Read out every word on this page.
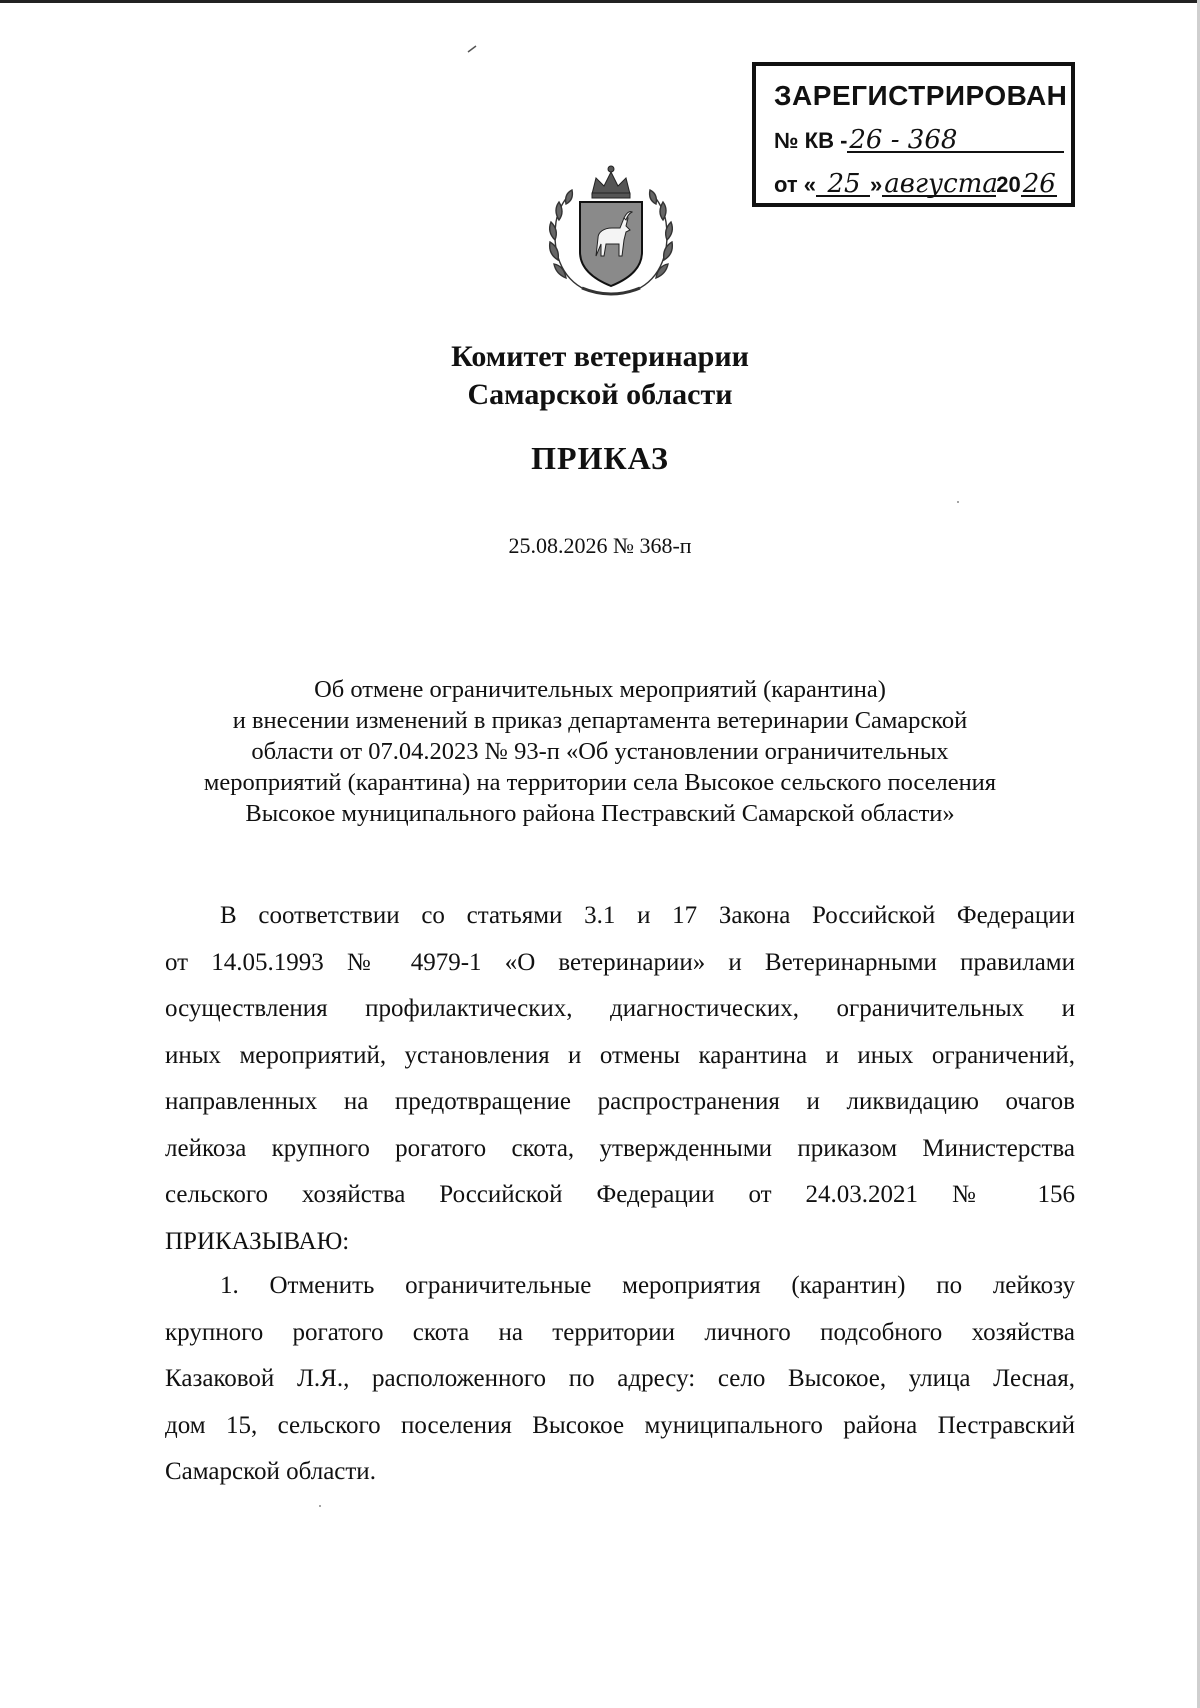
ЗАРЕГИСТРИРОВАН
№ КВ -26 - 368
от « 25 »августа2026
Комитет ветеринарии
Самарской области
ПРИКАЗ
25.08.2026 № 368-п
Об отмене ограничительных мероприятий (карантина)
и внесении изменений в приказ департамента ветеринарии Самарской
области от 07.04.2023 № 93-п «Об установлении ограничительных
мероприятий (карантина) на территории села Высокое сельского поселения
Высокое муниципального района Пестравский Самарской области»
В соответствии со статьями 3.1 и 17 Закона Российской Федерации
от 14.05.1993 № 4979-1 «О ветеринарии» и Ветеринарными правилами
осуществления профилактических, диагностических, ограничительных и
иных мероприятий, установления и отмены карантина и иных ограничений,
направленных на предотвращение распространения и ликвидацию очагов
лейкоза крупного рогатого скота, утвержденными приказом Министерства
сельского хозяйства Российской Федерации от 24.03.2021 № 156
ПРИКАЗЫВАЮ:
1. Отменить ограничительные мероприятия (карантин) по лейкозу
крупного рогатого скота на территории личного подсобного хозяйства
Казаковой Л.Я., расположенного по адресу: село Высокое, улица Лесная,
дом 15, сельского поселения Высокое муниципального района Пестравский
Самарской области.
